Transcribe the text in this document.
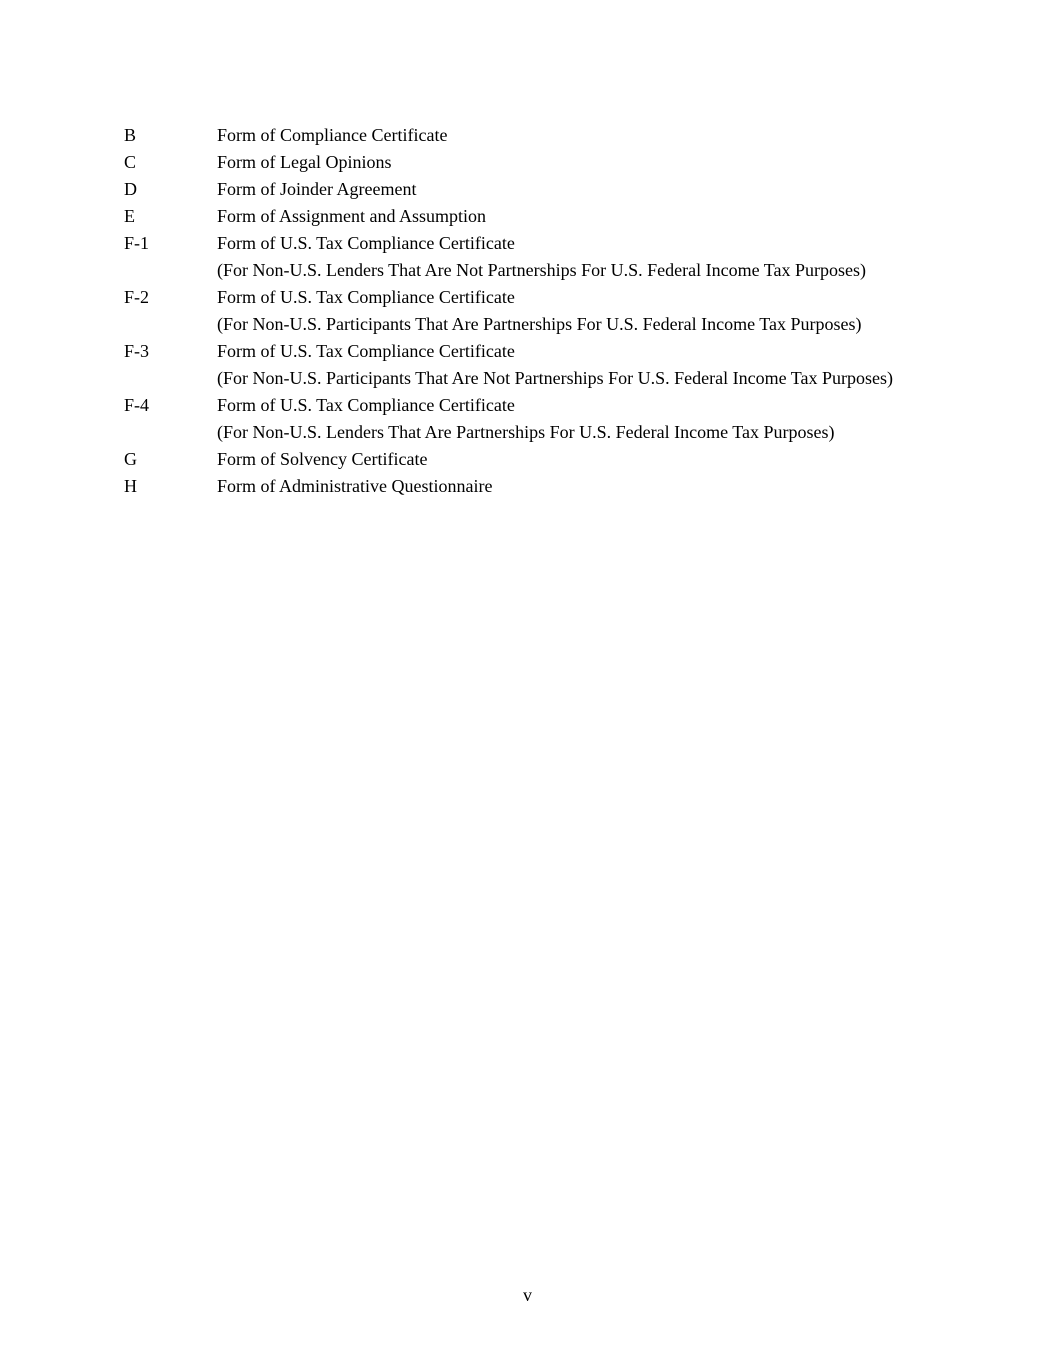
B	Form of Compliance Certificate
C	Form of Legal Opinions
D	Form of Joinder Agreement
E	Form of Assignment and Assumption
F-1	Form of U.S. Tax Compliance Certificate
(For Non-U.S. Lenders That Are Not Partnerships For U.S. Federal Income Tax Purposes)
F-2	Form of U.S. Tax Compliance Certificate
(For Non-U.S. Participants That Are Partnerships For U.S. Federal Income Tax Purposes)
F-3	Form of U.S. Tax Compliance Certificate
(For Non-U.S. Participants That Are Not Partnerships For U.S. Federal Income Tax Purposes)
F-4	Form of U.S. Tax Compliance Certificate
(For Non-U.S. Lenders That Are Partnerships For U.S. Federal Income Tax Purposes)
G	Form of Solvency Certificate
H	Form of Administrative Questionnaire
v
